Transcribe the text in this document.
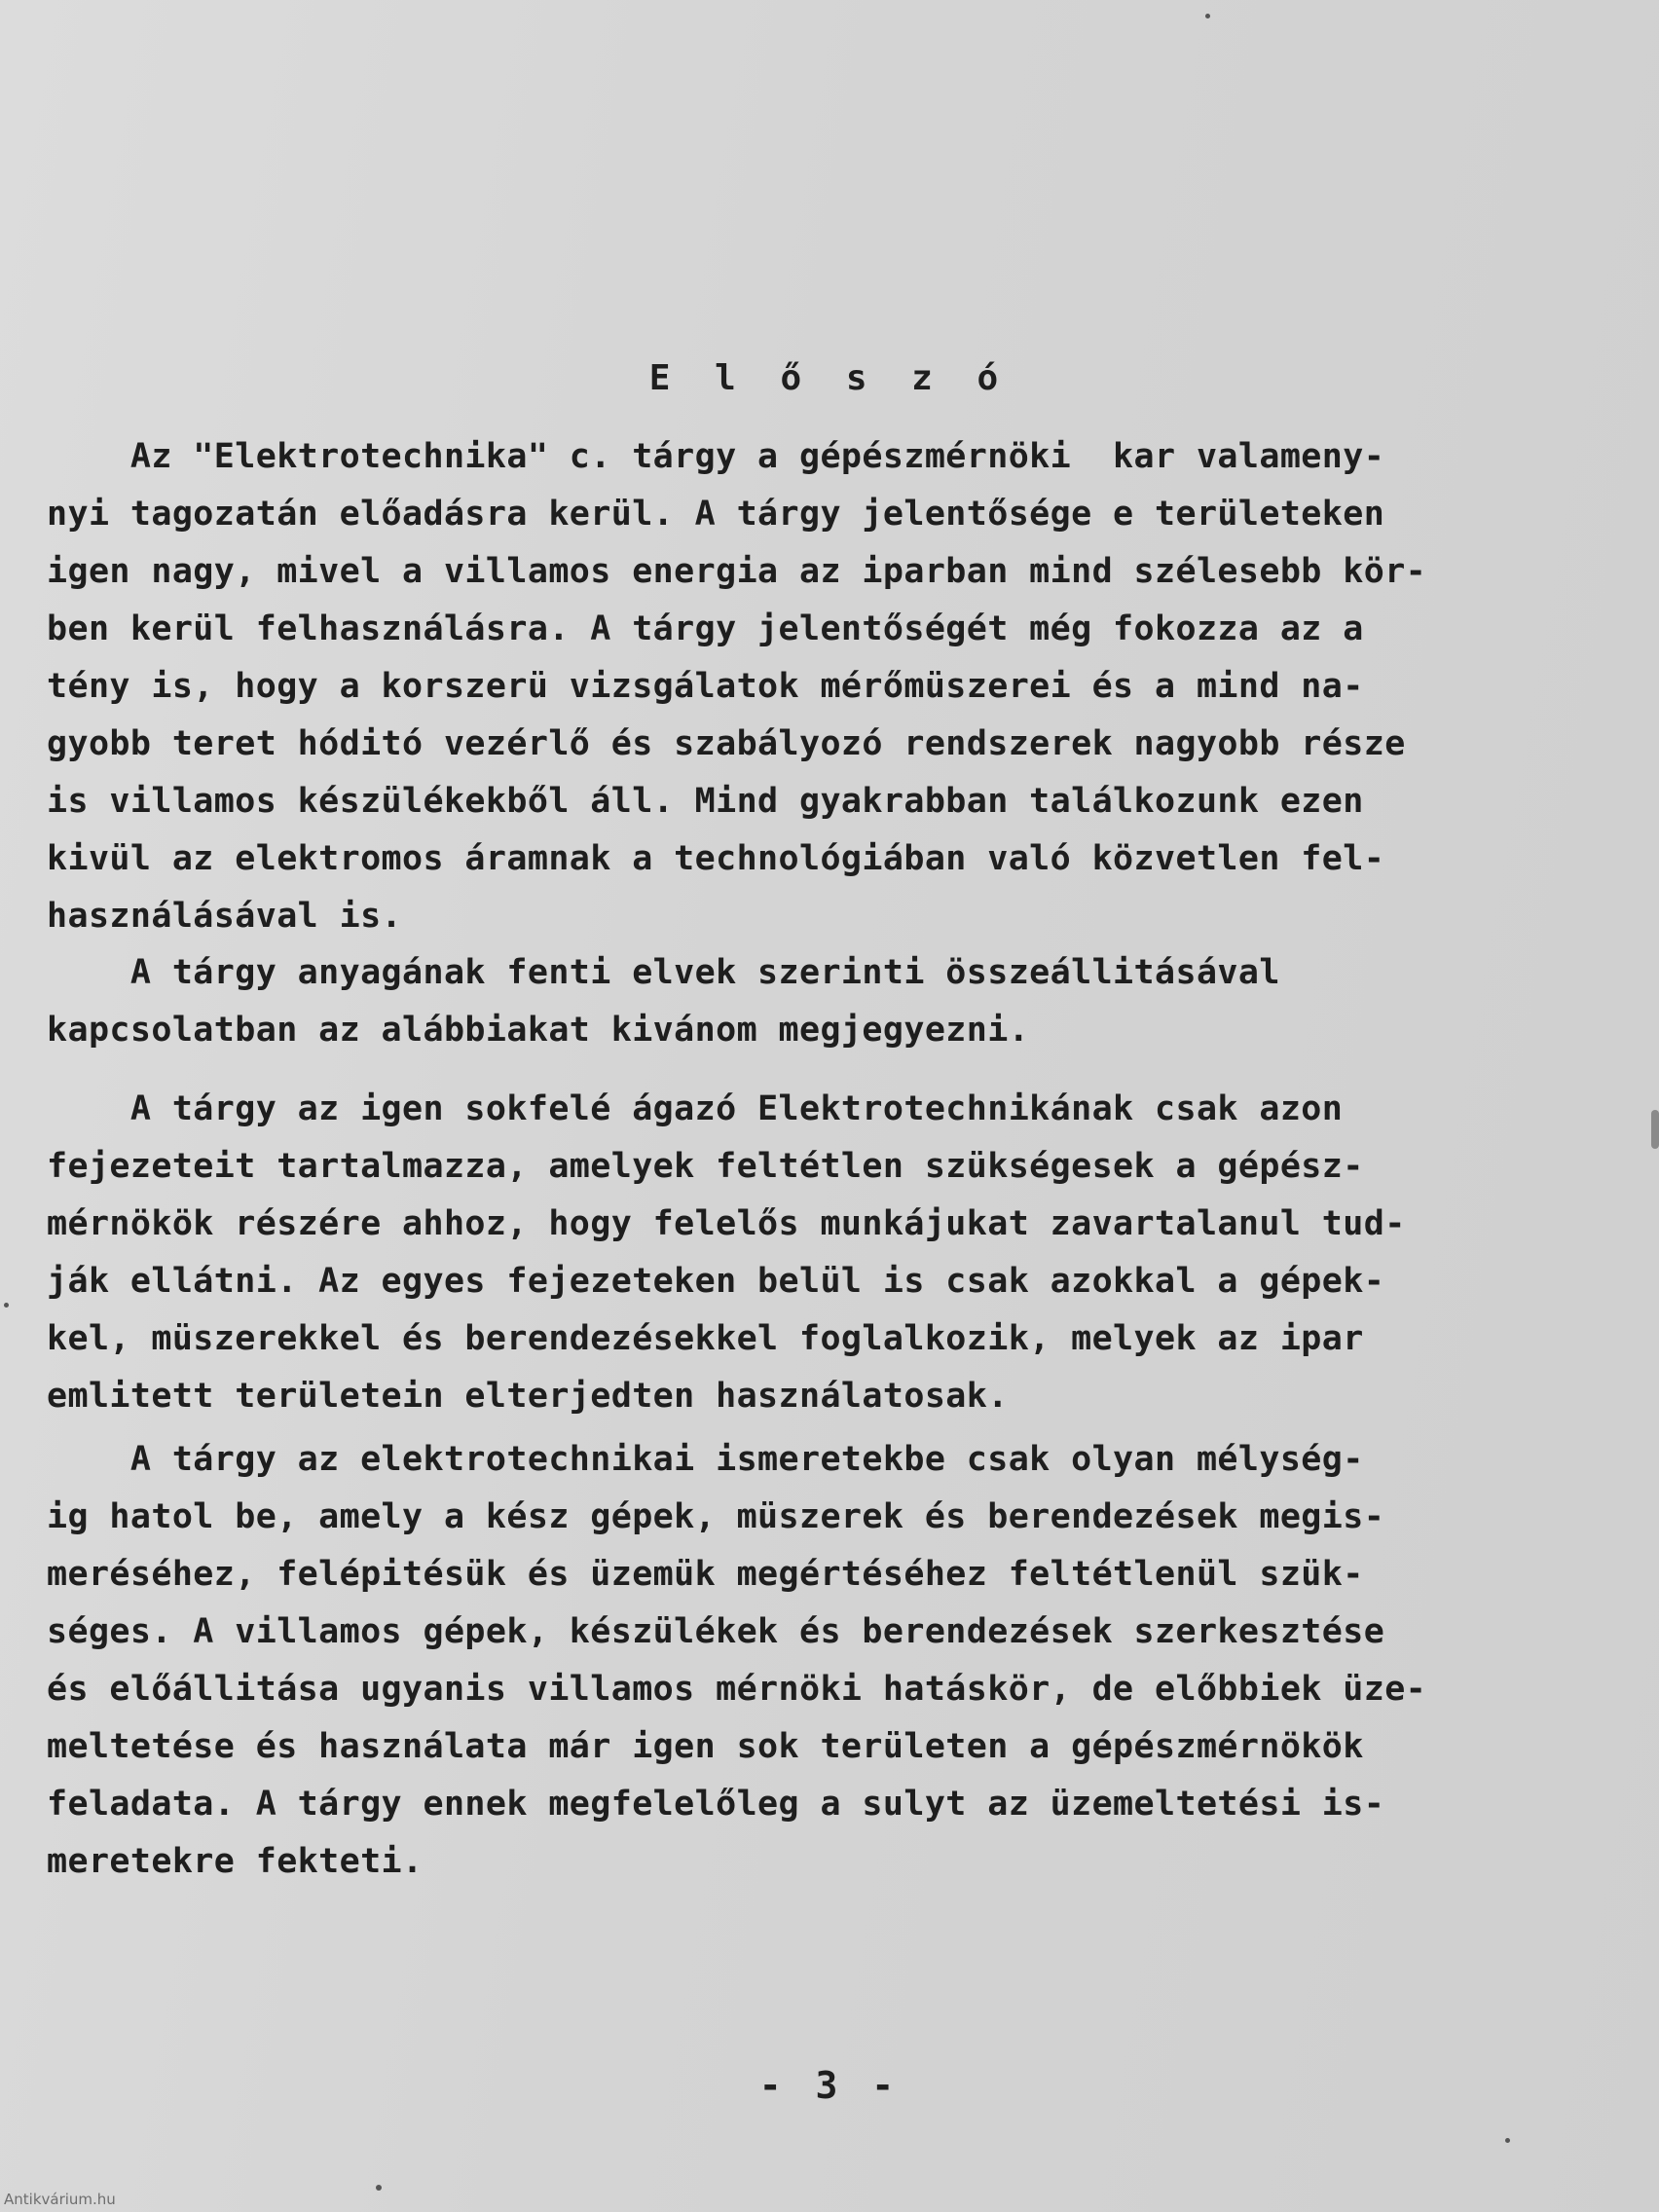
E l ő s z ó
Az "Elektrotechnika" c. tárgy a gépészmérnöki  kar valameny-
nyi tagozatán előadásra kerül. A tárgy jelentősége e területeken
igen nagy, mivel a villamos energia az iparban mind szélesebb kör-
ben kerül felhasználásra. A tárgy jelentőségét még fokozza az a
tény is, hogy a korszerü vizsgálatok mérőmüszerei és a mind na-
gyobb teret hóditó vezérlő és szabályozó rendszerek nagyobb része
is villamos készülékekből áll. Mind gyakrabban találkozunk ezen
kivül az elektromos áramnak a technológiában való közvetlen fel-
használásával is.
A tárgy anyagának fenti elvek szerinti összeállitásával
kapcsolatban az alábbiakat kivánom megjegyezni.
A tárgy az igen sokfelé ágazó Elektrotechnikának csak azon
fejezeteit tartalmazza, amelyek feltétlen szükségesek a gépész-
mérnökök részére ahhoz, hogy felelős munkájukat zavartalanul tud-
ják ellátni. Az egyes fejezeteken belül is csak azokkal a gépek-
kel, müszerekkel és berendezésekkel foglalkozik, melyek az ipar
emlitett területein elterjedten használatosak.
A tárgy az elektrotechnikai ismeretekbe csak olyan mélység-
ig hatol be, amely a kész gépek, müszerek és berendezések megis-
meréséhez, felépitésük és üzemük megértéséhez feltétlenül szük-
séges. A villamos gépek, készülékek és berendezések szerkesztése
és előállitása ugyanis villamos mérnöki hatáskör, de előbbiek üze-
meltetése és használata már igen sok területen a gépészmérnökök
feladata. A tárgy ennek megfelelőleg a sulyt az üzemeltetési is-
meretekre fekteti.
- 3 -
Antikvárium.hu
